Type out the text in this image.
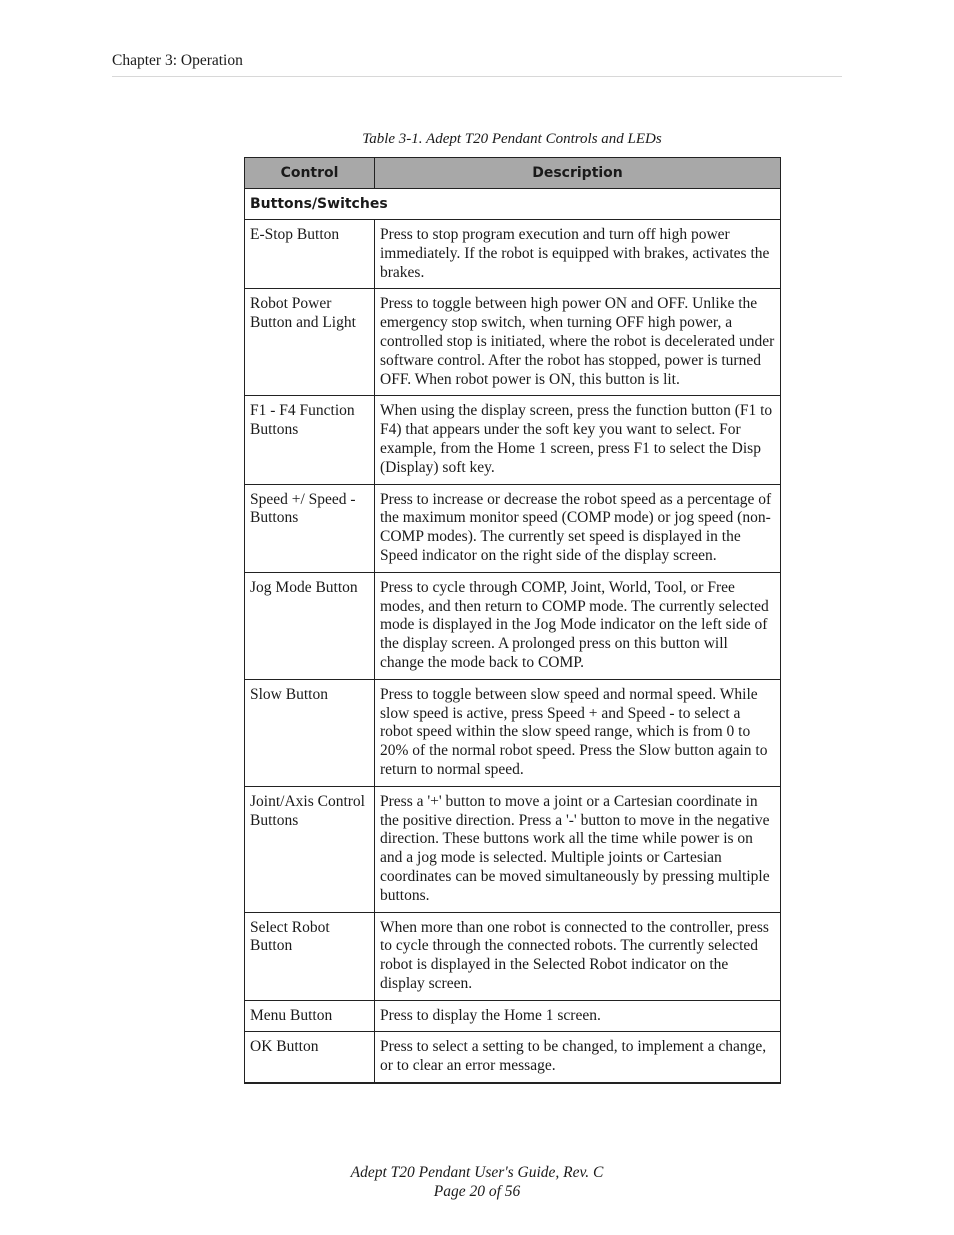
Chapter 3: Operation
Table 3-1. Adept T20 Pendant Controls and LEDs
Control	Description
Buttons/Switches	
E-Stop Button	Press to stop program execution and turn off high power immediately. If the robot is equipped with brakes, activates the brakes.
Robot Power Button and Light	Press to toggle between high power ON and OFF. Unlike the emergency stop switch, when turning OFF high power, a controlled stop is initiated, where the robot is decelerated under software control. After the robot has stopped, power is turned OFF. When robot power is ON, this button is lit.
F1 - F4 Function Buttons	When using the display screen, press the function button (F1 to F4) that appears under the soft key you want to select. For example, from the Home 1 screen, press F1 to select the Disp (Display) soft key.
Speed +/ Speed - Buttons	Press to increase or decrease the robot speed as a percentage of the maximum monitor speed (COMP mode) or jog speed (non-COMP modes). The currently set speed is displayed in the Speed indicator on the right side of the display screen.
Jog Mode Button	Press to cycle through COMP, Joint, World, Tool, or Free modes, and then return to COMP mode. The currently selected mode is displayed in the Jog Mode indicator on the left side of the display screen. A prolonged press on this button will change the mode back to COMP.
Slow Button	Press to toggle between slow speed and normal speed. While slow speed is active, press Speed + and Speed - to select a robot speed within the slow speed range, which is from 0 to 20% of the normal robot speed. Press the Slow button again to return to normal speed.
Joint/Axis Control Buttons	Press a '+' button to move a joint or a Cartesian coordinate in the positive direction. Press a '-' button to move in the negative direction. These buttons work all the time while power is on and a jog mode is selected. Multiple joints or Cartesian coordinates can be moved simultaneously by pressing multiple buttons.
Select Robot Button	When more than one robot is connected to the controller, press to cycle through the connected robots. The currently selected robot is displayed in the Selected Robot indicator on the display screen.
Menu Button	Press to display the Home 1 screen.
OK Button	Press to select a setting to be changed, to implement a change, or to clear an error message.
Adept T20 Pendant User's Guide, Rev. C
Page 20 of 56
